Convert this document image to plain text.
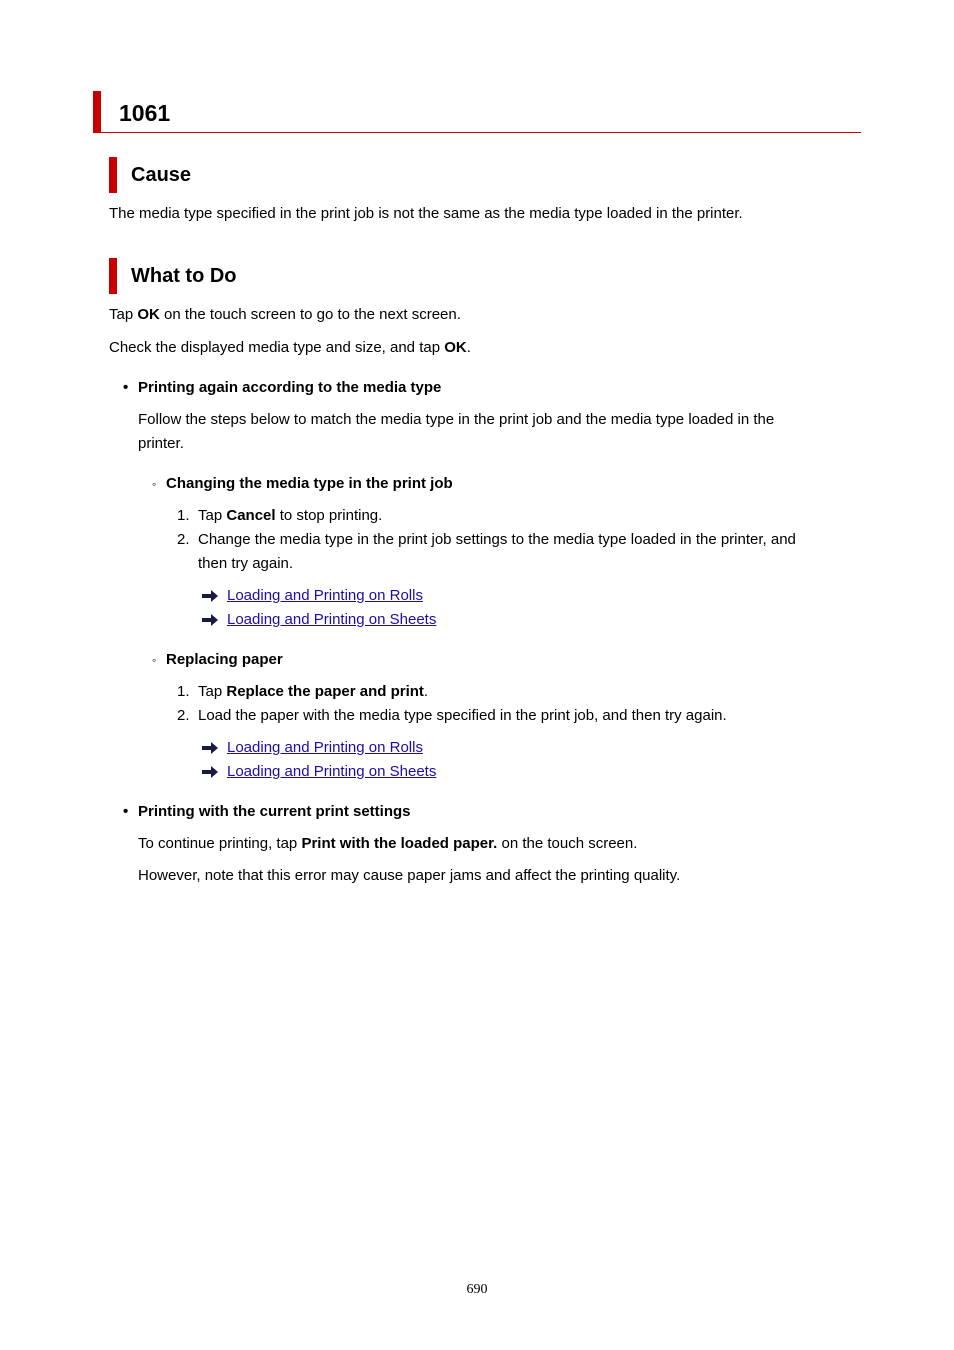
1061
Cause
The media type specified in the print job is not the same as the media type loaded in the printer.
What to Do
Tap OK on the touch screen to go to the next screen.
Check the displayed media type and size, and tap OK.
• Printing again according to the media type
Follow the steps below to match the media type in the print job and the media type loaded in the
printer.
◦ Changing the media type in the print job
1. Tap Cancel to stop printing.
2. Change the media type in the print job settings to the media type loaded in the printer, and
then try again.
Loading and Printing on Rolls
Loading and Printing on Sheets
◦ Replacing paper
1. Tap Replace the paper and print.
2. Load the paper with the media type specified in the print job, and then try again.
Loading and Printing on Rolls
Loading and Printing on Sheets
• Printing with the current print settings
To continue printing, tap Print with the loaded paper. on the touch screen.
However, note that this error may cause paper jams and affect the printing quality.
690
